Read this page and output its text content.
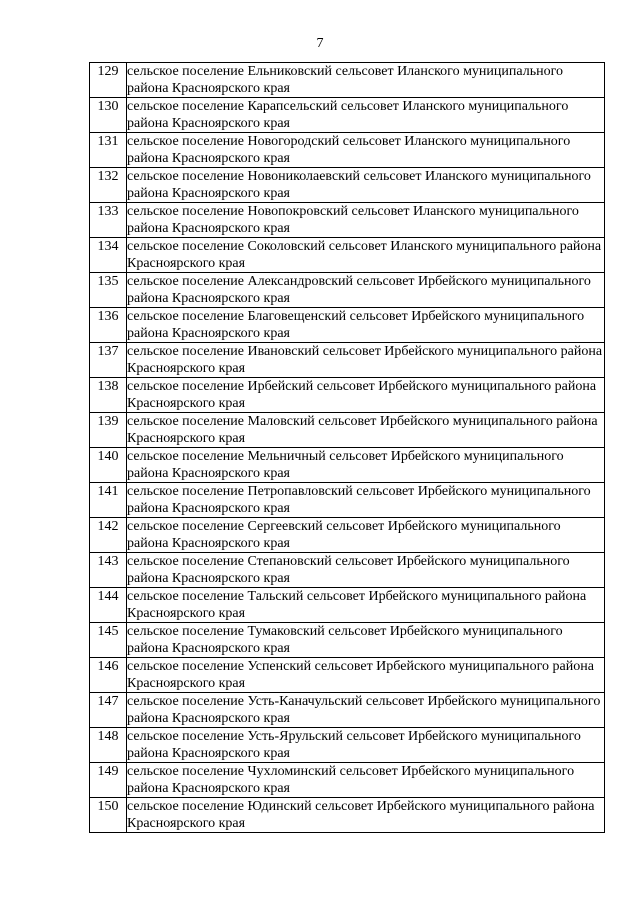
7
129	сельское поселение Ельниковский сельсовет Иланского муниципального района Красноярского края
130	сельское поселение Карапсельский сельсовет Иланского муниципального района Красноярского края
131	сельское поселение Новогородский сельсовет Иланского муниципального района Красноярского края
132	сельское поселение Новониколаевский сельсовет Иланского муниципального района Красноярского края
133	сельское поселение Новопокровский сельсовет Иланского муниципального района Красноярского края
134	сельское поселение Соколовский сельсовет Иланского муниципального района Красноярского края
135	сельское поселение Александровский сельсовет Ирбейского муниципального района Красноярского края
136	сельское поселение Благовещенский сельсовет Ирбейского муниципального района Красноярского края
137	сельское поселение Ивановский сельсовет Ирбейского муниципального района Красноярского края
138	сельское поселение Ирбейский сельсовет Ирбейского муниципального района Красноярского края
139	сельское поселение Маловский сельсовет Ирбейского муниципального района Красноярского края
140	сельское поселение Мельничный сельсовет Ирбейского муниципального района Красноярского края
141	сельское поселение Петропавловский сельсовет Ирбейского муниципального района Красноярского края
142	сельское поселение Сергеевский сельсовет Ирбейского муниципального района Красноярского края
143	сельское поселение Степановский сельсовет Ирбейского муниципального района Красноярского края
144	сельское поселение Тальский сельсовет Ирбейского муниципального района Красноярского края
145	сельское поселение Тумаковский сельсовет Ирбейского муниципального района Красноярского края
146	сельское поселение Успенский сельсовет Ирбейского муниципального района Красноярского края
147	сельское поселение Усть-Каначульский сельсовет Ирбейского муниципального района Красноярского края
148	сельское поселение Усть-Ярульский сельсовет Ирбейского муниципального района Красноярского края
149	сельское поселение Чухломинский сельсовет Ирбейского муниципального района Красноярского края
150	сельское поселение Юдинский сельсовет Ирбейского муниципального района Красноярского края
